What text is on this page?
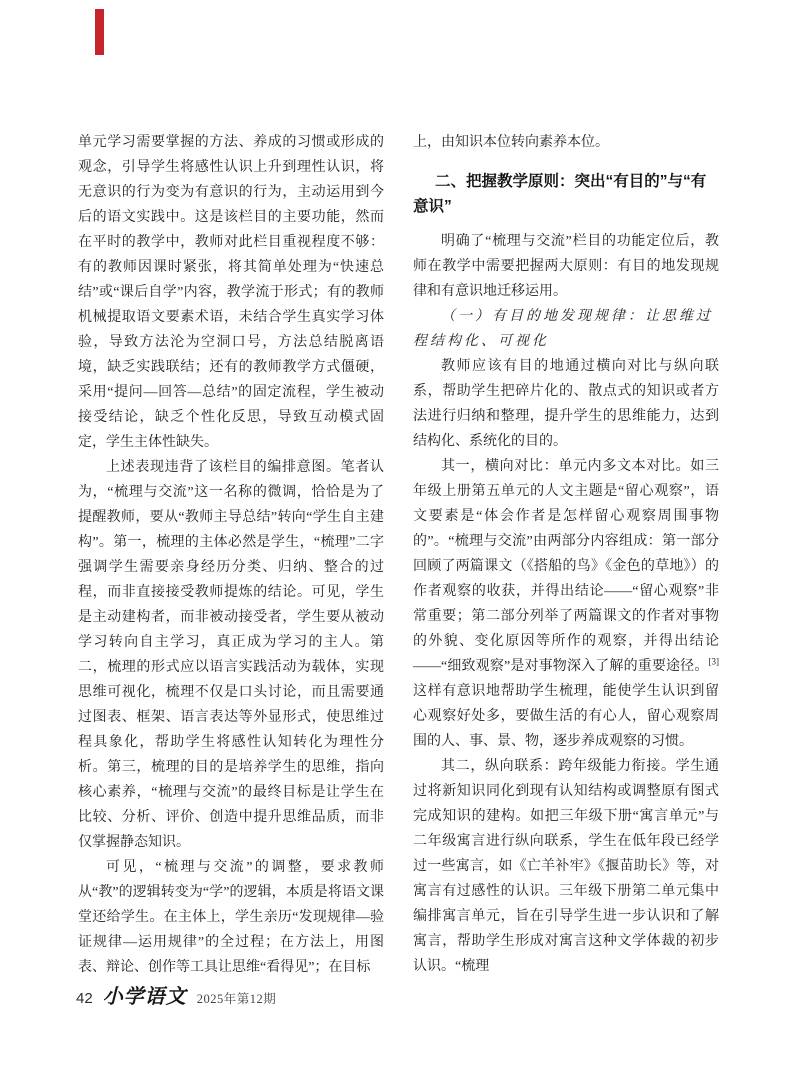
单元学习需要掌握的方法、养成的习惯或形成的观念，引导学生将感性认识上升到理性认识，将无意识的行为变为有意识的行为，主动运用到今后的语文实践中。这是该栏目的主要功能，然而在平时的教学中，教师对此栏目重视程度不够：有的教师因课时紧张，将其简单处理为“快速总结”或“课后自学”内容，教学流于形式；有的教师机械提取语文要素术语，未结合学生真实学习体验，导致方法沦为空洞口号，方法总结脱离语境，缺乏实践联结；还有的教师教学方式僵硬，采用“提问—回答—总结”的固定流程，学生被动接受结论，缺乏个性化反思，导致互动模式固定，学生主体性缺失。

上述表现违背了该栏目的编排意图。笔者认为，“梳理与交流”这一名称的微调，恰恰是为了提醒教师，要从“教师主导总结”转向“学生自主建构”。第一，梳理的主体必然是学生，“梳理”二字强调学生需要亲身经历分类、归纳、整合的过程，而非直接接受教师提炼的结论。可见，学生是主动建构者，而非被动接受者，学生要从被动学习转向自主学习，真正成为学习的主人。第二，梳理的形式应以语言实践活动为载体，实现思维可视化，梳理不仅是口头讨论，而且需要通过图表、框架、语言表达等外显形式，使思维过程具象化，帮助学生将感性认知转化为理性分析。第三，梳理的目的是培养学生的思维，指向核心素养，“梳理与交流”的最终目标是让学生在比较、分析、评价、创造中提升思维品质，而非仅掌握静态知识。

可见，“梳理与交流”的调整，要求教师从“教”的逻辑转变为“学”的逻辑，本质是将语文课堂还给学生。在主体上，学生亲历“发现规律—验证规律—运用规律”的全过程；在方法上，用图表、辩论、创作等工具让思维“看得见”；在目标

上，由知识本位转向素养本位。

二、把握教学原则：突出“有目的”与“有意识”

明确了“梳理与交流”栏目的功能定位后，教师在教学中需要把握两大原则：有目的地发现规律和有意识地迁移运用。

（一）有目的地发现规律：让思维过程结构化、可视化

教师应该有目的地通过横向对比与纵向联系，帮助学生把碎片化的、散点式的知识或者方法进行归纳和整理，提升学生的思维能力，达到结构化、系统化的目的。

其一，横向对比：单元内多文本对比。如三年级上册第五单元的人文主题是“留心观察”，语文要素是“体会作者是怎样留心观察周围事物的”。“梳理与交流”由两部分内容组成：第一部分回顾了两篇课文（《搭船的鸟》《金色的草地》）的作者观察的收获，并得出结论——“留心观察”非常重要；第二部分列举了两篇课文的作者对事物的外貌、变化原因等所作的观察，并得出结论——“细致观察”是对事物深入了解的重要途径。[3]这样有意识地帮助学生梳理，能使学生认识到留心观察好处多，要做生活的有心人，留心观察周围的人、事、景、物，逐步养成观察的习惯。

其二，纵向联系：跨年级能力衔接。学生通过将新知识同化到现有认知结构或调整原有图式完成知识的建构。如把三年级下册“寓言单元”与二年级寓言进行纵向联系，学生在低年段已经学过一些寓言，如《亡羊补牢》《揠苗助长》等，对寓言有过感性的认识。三年级下册第二单元集中编排寓言单元，旨在引导学生进一步认识和了解寓言，帮助学生形成对寓言这种文学体裁的初步认识。“梳理

42 小学语文 2025年第12期
